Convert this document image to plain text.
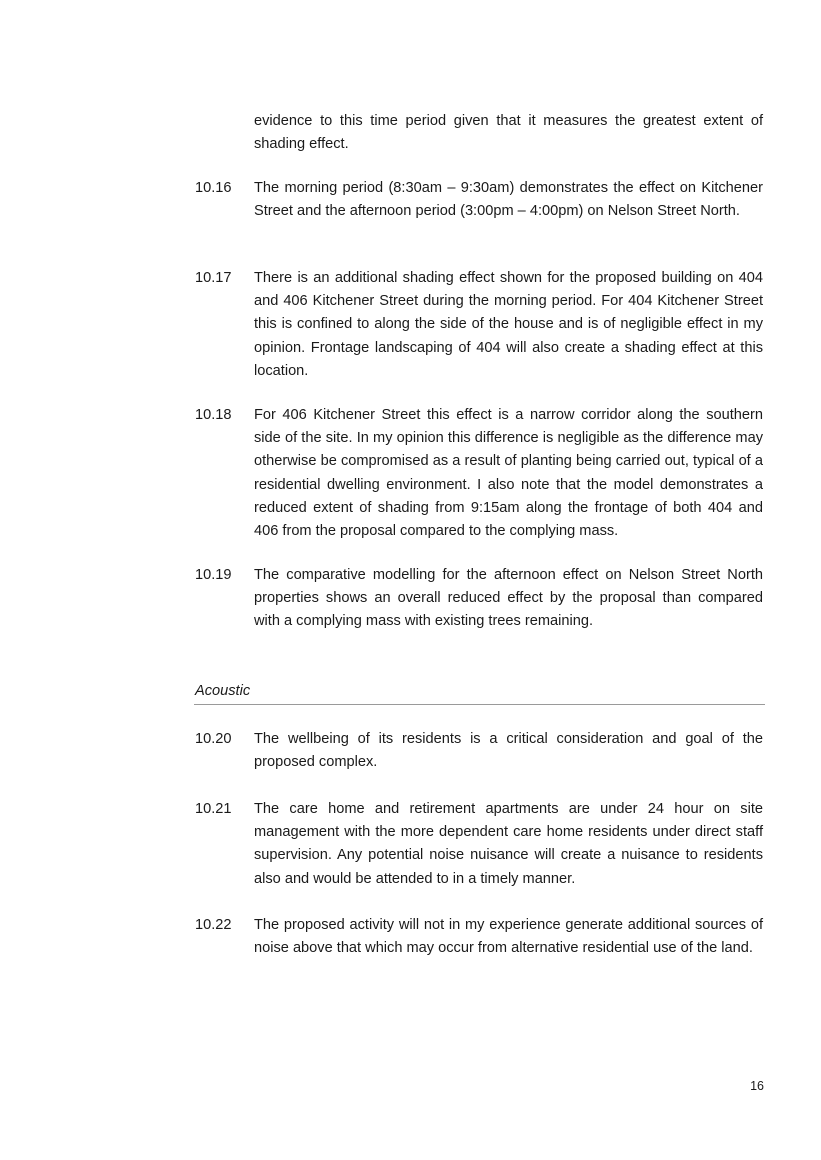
evidence to this time period given that it measures the greatest extent of shading effect.

10.16 The morning period (8:30am – 9:30am) demonstrates the effect on Kitchener Street and the afternoon period (3:00pm – 4:00pm) on Nelson Street North.

10.17 There is an additional shading effect shown for the proposed building on 404 and 406 Kitchener Street during the morning period. For 404 Kitchener Street this is confined to along the side of the house and is of negligible effect in my opinion. Frontage landscaping of 404 will also create a shading effect at this location.

10.18 For 406 Kitchener Street this effect is a narrow corridor along the southern side of the site. In my opinion this difference is negligible as the difference may otherwise be compromised as a result of planting being carried out, typical of a residential dwelling environment. I also note that the model demonstrates a reduced extent of shading from 9:15am along the frontage of both 404 and 406 from the proposal compared to the complying mass.

10.19 The comparative modelling for the afternoon effect on Nelson Street North properties shows an overall reduced effect by the proposal than compared with a complying mass with existing trees remaining.

Acoustic
10.20 The wellbeing of its residents is a critical consideration and goal of the proposed complex.

10.21 The care home and retirement apartments are under 24 hour on site management with the more dependent care home residents under direct staff supervision. Any potential noise nuisance will create a nuisance to residents also and would be attended to in a timely manner.

10.22 The proposed activity will not in my experience generate additional sources of noise above that which may occur from alternative residential use of the land.

16
